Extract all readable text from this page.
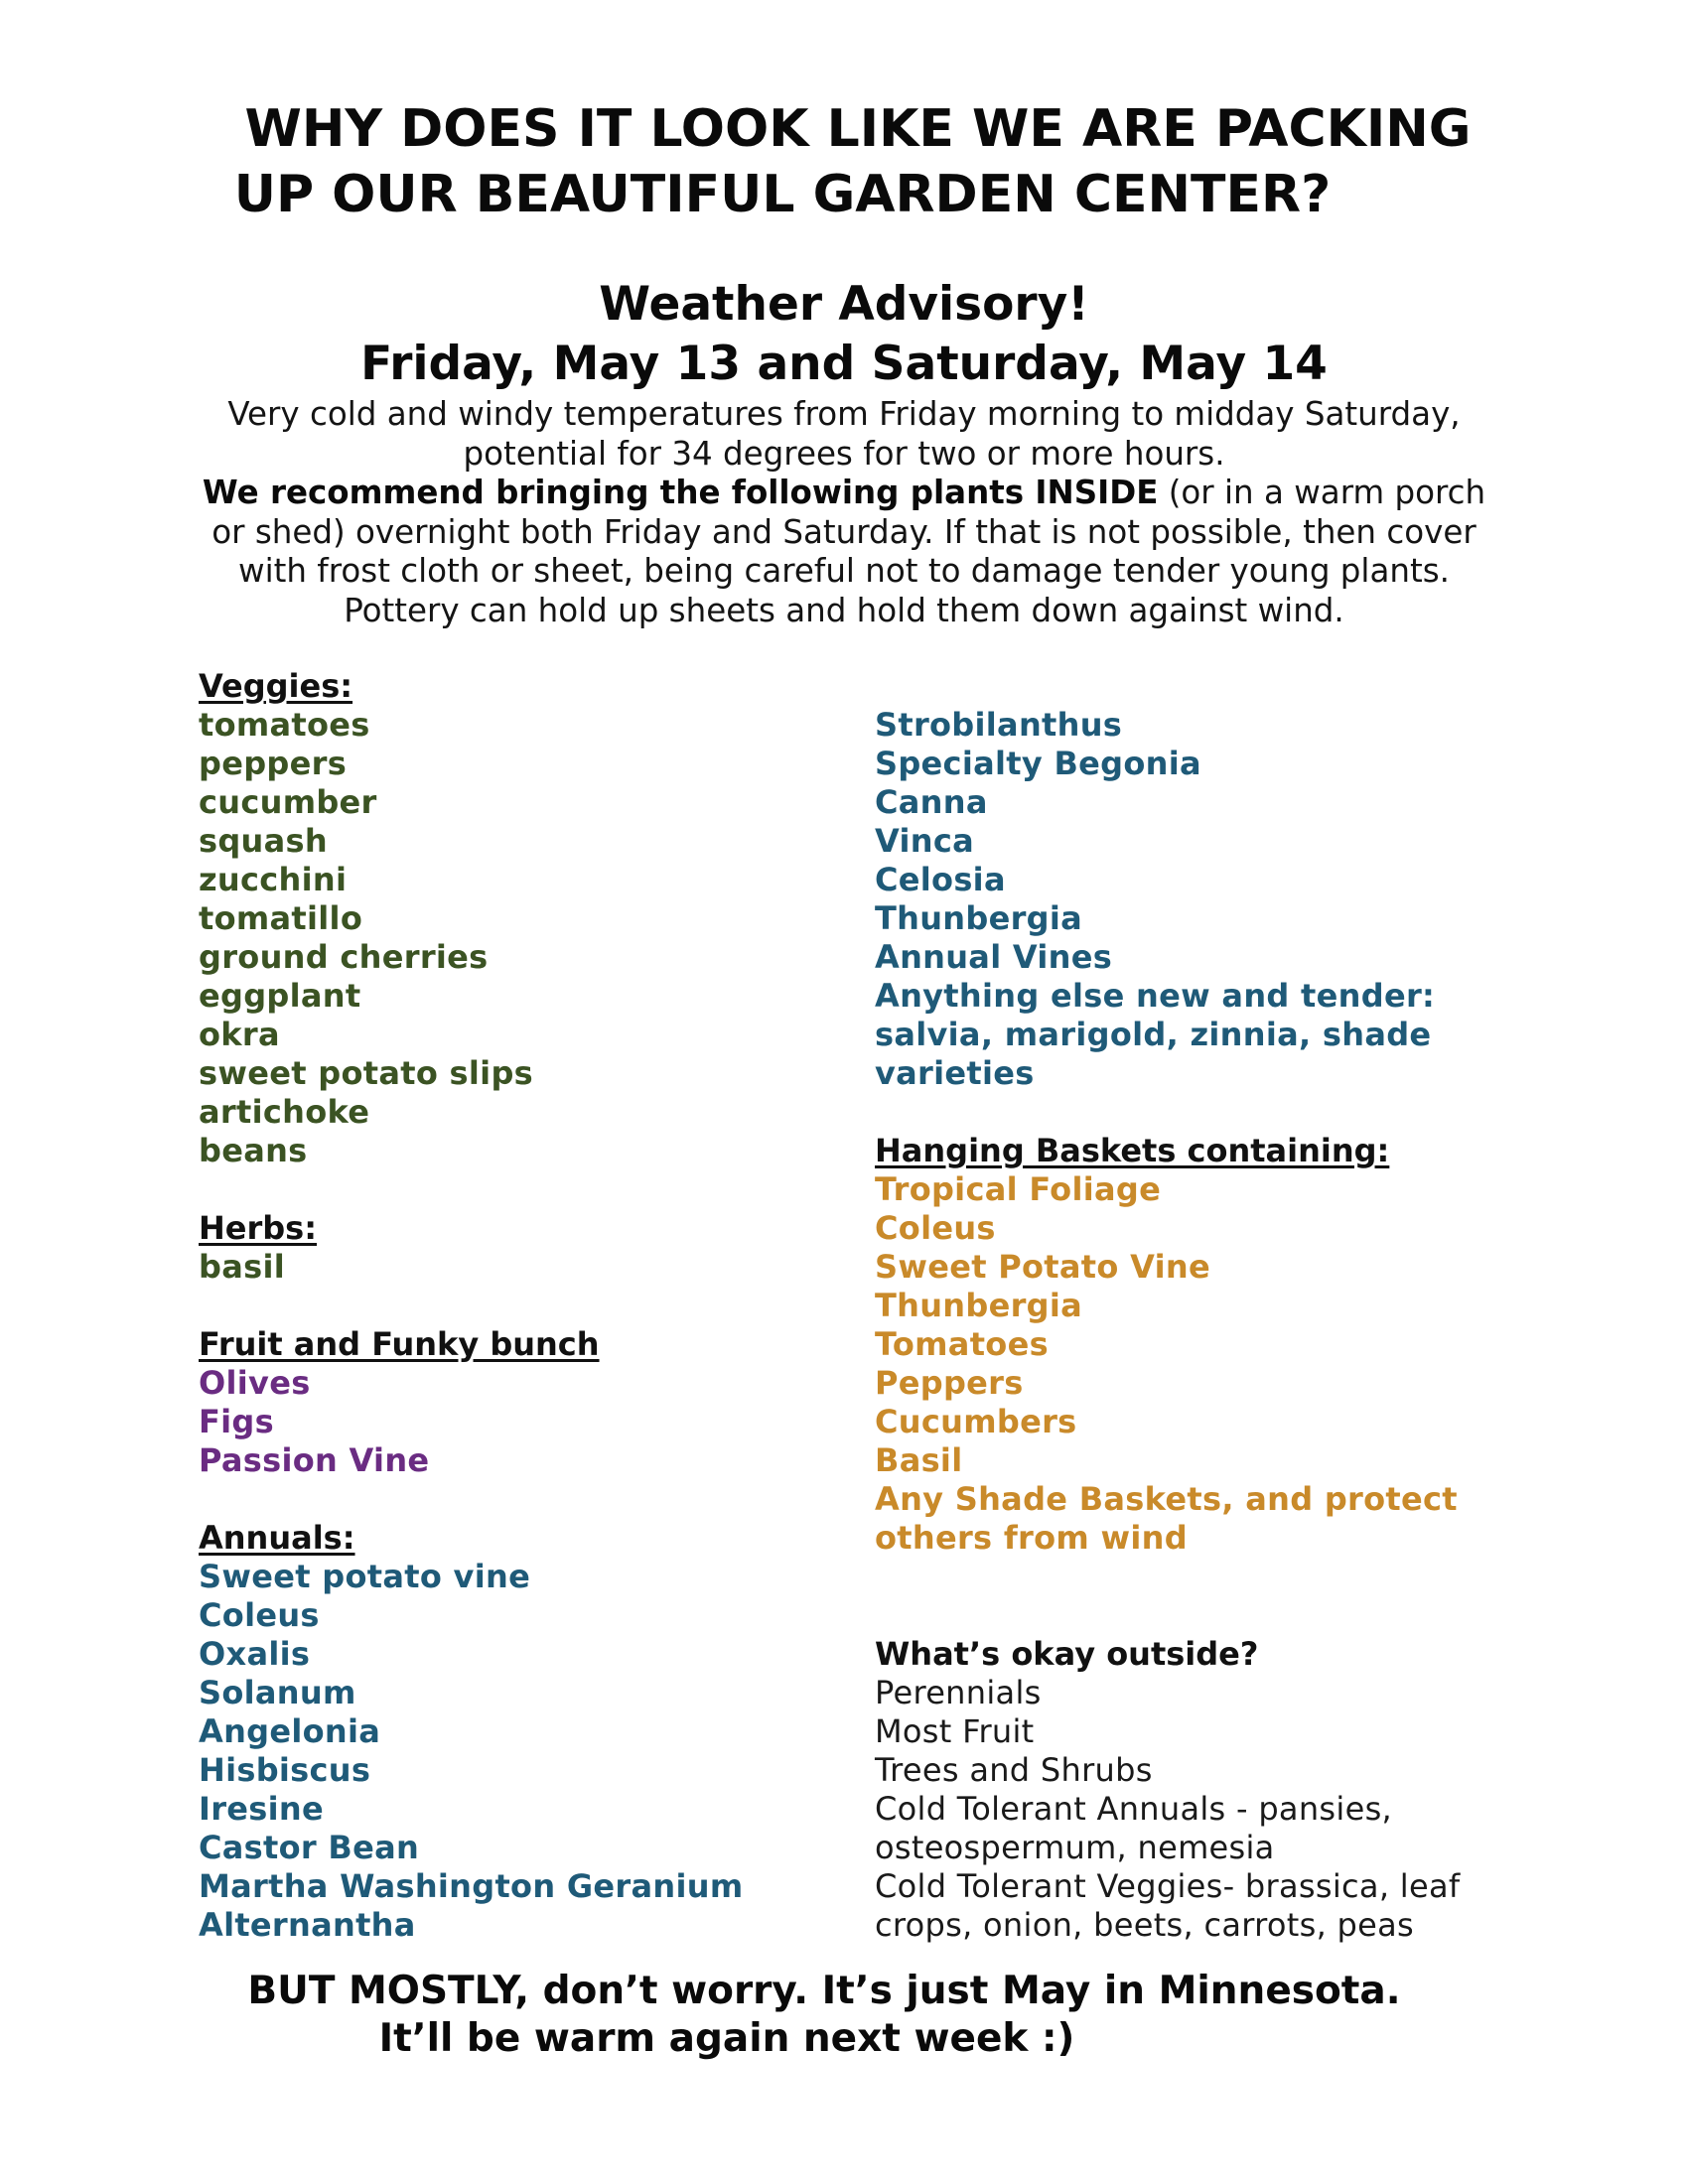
WHY DOES IT LOOK LIKE WE ARE PACKING
UP OUR BEAUTIFUL GARDEN CENTER?
Weather Advisory!
Friday, May 13 and Saturday, May 14
Very cold and windy temperatures from Friday morning to midday Saturday,
potential for 34 degrees for two or more hours.
We recommend bringing the following plants INSIDE (or in a warm porch
or shed) overnight both Friday and Saturday. If that is not possible, then cover
with frost cloth or sheet, being careful not to damage tender young plants.
Pottery can hold up sheets and hold them down against wind.
Veggies:
tomatoes
peppers
cucumber
squash
zucchini
tomatillo
ground cherries
eggplant
okra
sweet potato slips
artichoke
beans
Herbs:
basil
Fruit and Funky bunch
Olives
Figs
Passion Vine
Annuals:
Sweet potato vine
Coleus
Oxalis
Solanum
Angelonia
Hisbiscus
Iresine
Castor Bean
Martha Washington Geranium
Alternantha
Strobilanthus
Specialty Begonia
Canna
Vinca
Celosia
Thunbergia
Annual Vines
Anything else new and tender:
salvia, marigold, zinnia, shade
varieties
Hanging Baskets containing:
Tropical Foliage
Coleus
Sweet Potato Vine
Thunbergia
Tomatoes
Peppers
Cucumbers
Basil
Any Shade Baskets, and protect
others from wind
What’s okay outside?
Perennials
Most Fruit
Trees and Shrubs
Cold Tolerant Annuals - pansies,
osteospermum, nemesia
Cold Tolerant Veggies- brassica, leaf
crops, onion, beets, carrots, peas
BUT MOSTLY, don’t worry. It’s just May in Minnesota.
It’ll be warm again next week :)
